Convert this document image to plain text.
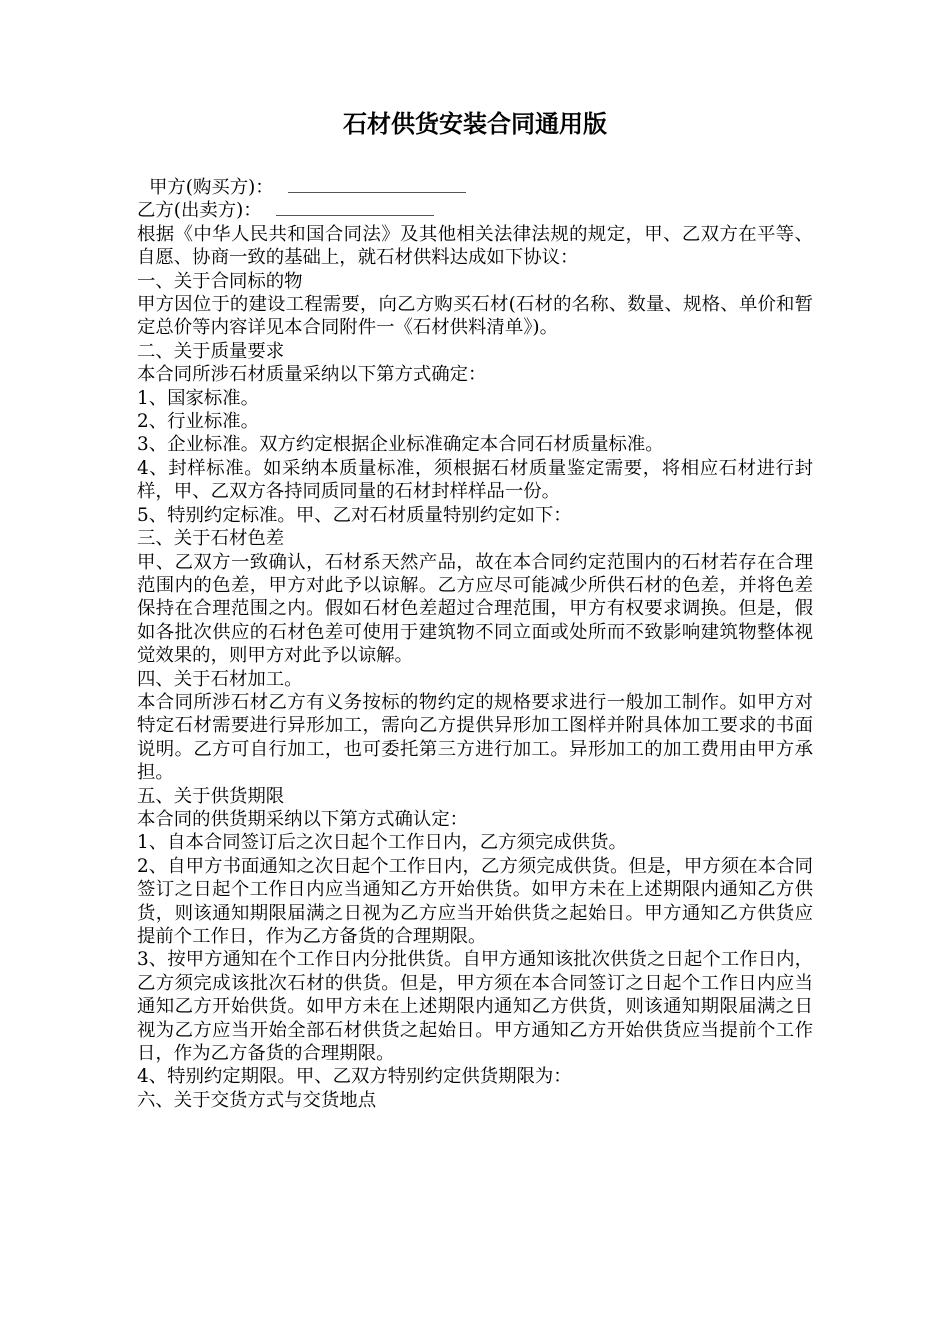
石材供货安装合同通用版

甲方(购买方)：

乙方(出卖方)：

根据《中华人民共和国合同法》及其他相关法律法规的规定，甲、乙双方在平等、自愿、协商一致的基础上，就石材供料达成如下协议：

一、关于合同标的物

甲方因位于的建设工程需要，向乙方购买石材(石材的名称、数量、规格、单价和暂定总价等内容详见本合同附件一《石材供料清单》)。

二、关于质量要求

本合同所涉石材质量采纳以下第方式确定：

1、国家标准。

2、行业标准。

3、企业标准。双方约定根据企业标准确定本合同石材质量标准。

4、封样标准。如采纳本质量标准，须根据石材质量鉴定需要，将相应石材进行封样，甲、乙双方各持同质同量的石材封样样品一份。

5、特别约定标准。甲、乙对石材质量特别约定如下：

三、关于石材色差

甲、乙双方一致确认，石材系天然产品，故在本合同约定范围内的石材若存在合理范围内的色差，甲方对此予以谅解。乙方应尽可能减少所供石材的色差，并将色差保持在合理范围之内。假如石材色差超过合理范围，甲方有权要求调换。但是，假如各批次供应的石材色差可使用于建筑物不同立面或处所而不致影响建筑物整体视觉效果的，则甲方对此予以谅解。

四、关于石材加工。

本合同所涉石材乙方有义务按标的物约定的规格要求进行一般加工制作。如甲方对特定石材需要进行异形加工，需向乙方提供异形加工图样并附具体加工要求的书面说明。乙方可自行加工，也可委托第三方进行加工。异形加工的加工费用由甲方承担。

五、关于供货期限

本合同的供货期采纳以下第方式确认定：

1、自本合同签订后之次日起个工作日内，乙方须完成供货。

2、自甲方书面通知之次日起个工作日内，乙方须完成供货。但是，甲方须在本合同签订之日起个工作日内应当通知乙方开始供货。如甲方未在上述期限内通知乙方供货，则该通知期限届满之日视为乙方应当开始供货之起始日。甲方通知乙方供货应提前个工作日，作为乙方备货的合理期限。

3、按甲方通知在个工作日内分批供货。自甲方通知该批次供货之日起个工作日内，乙方须完成该批次石材的供货。但是，甲方须在本合同签订之日起个工作日内应当通知乙方开始供货。如甲方未在上述期限内通知乙方供货，则该通知期限届满之日视为乙方应当开始全部石材供货之起始日。甲方通知乙方开始供货应当提前个工作日，作为乙方备货的合理期限。

4、特别约定期限。甲、乙双方特别约定供货期限为：

六、关于交货方式与交货地点
